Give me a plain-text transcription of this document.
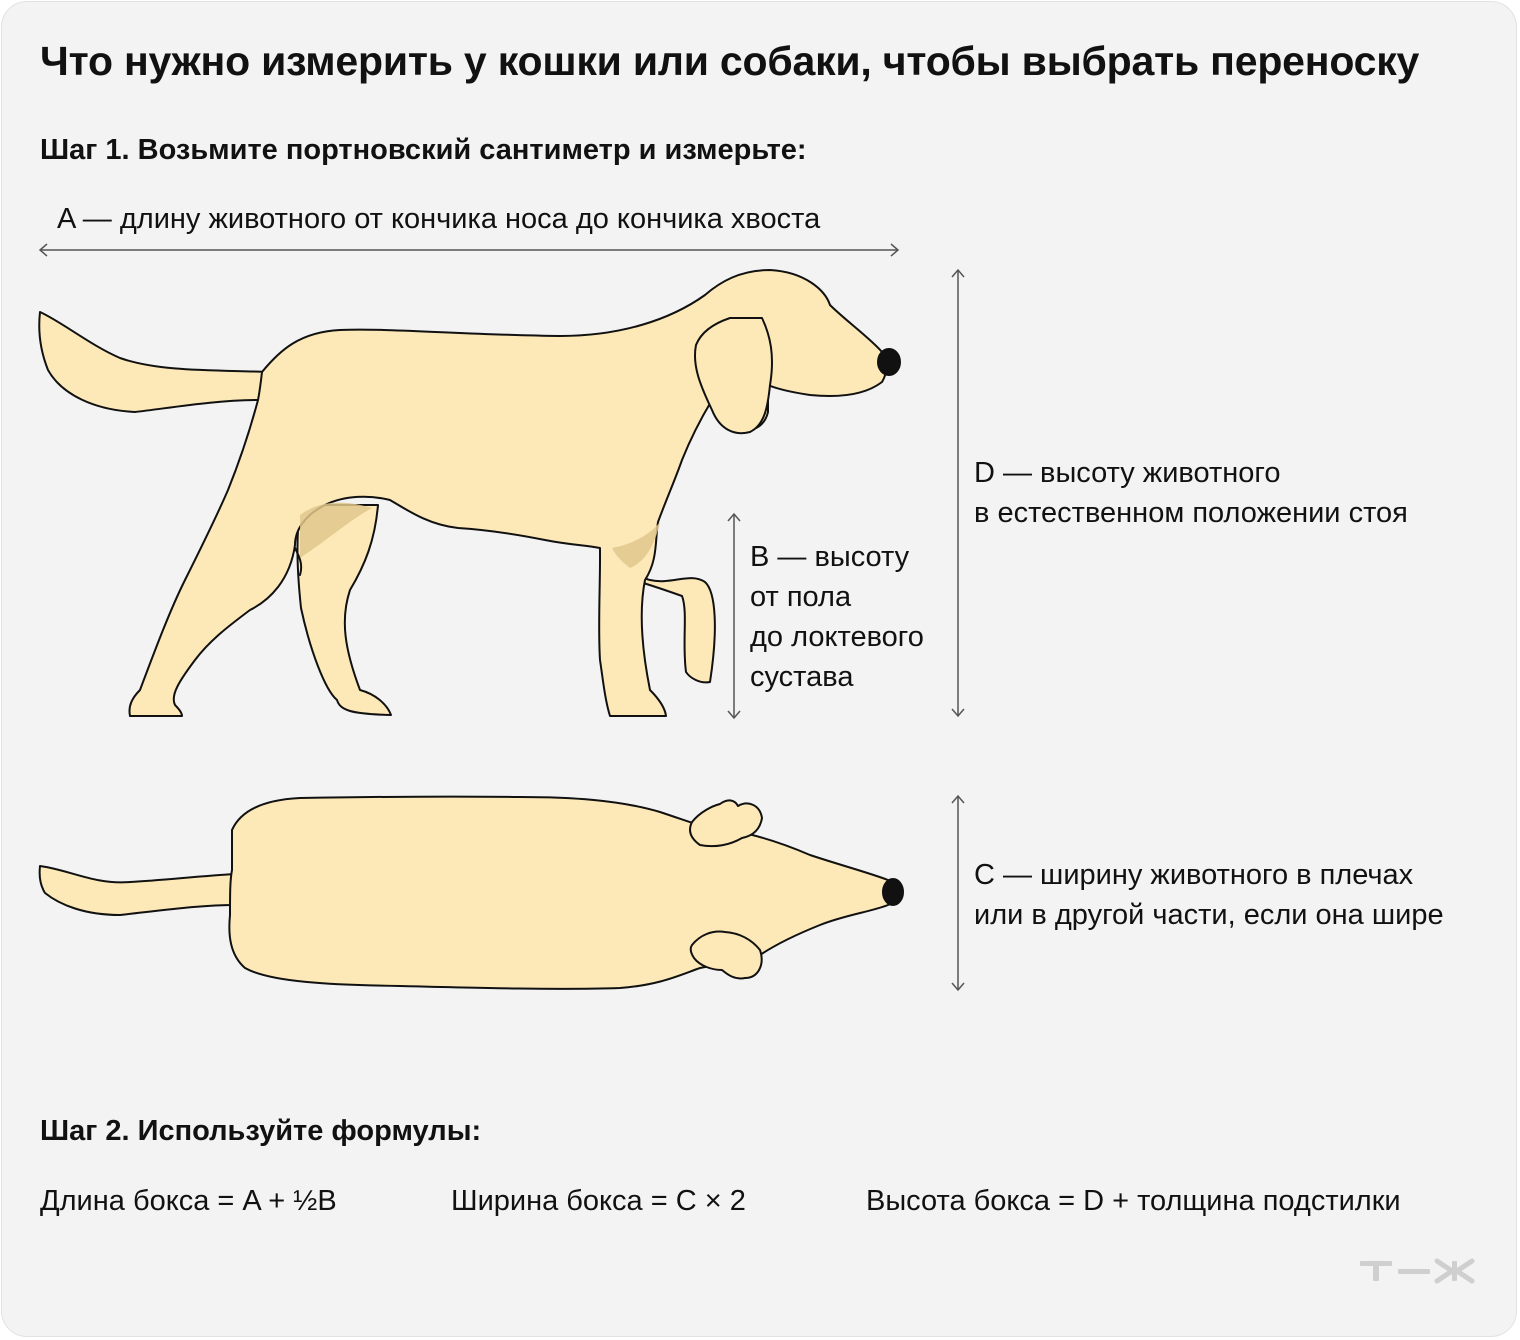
Что нужно измерить у кошки или собаки, чтобы выбрать переноску
Шаг 1. Возьмите портновский сантиметр и измерьте:
A — длину животного от кончика носа до кончика хвоста
B — высоту
от пола
до локтевого
сустава
D — высоту животного
в естественном положении стоя
C — ширину животного в плечах
или в другой части, если она шире
Шаг 2. Используйте формулы:
Длина бокса = A + ½B	Ширина бокса = C × 2	Высота бокса = D + толщина подстилки
